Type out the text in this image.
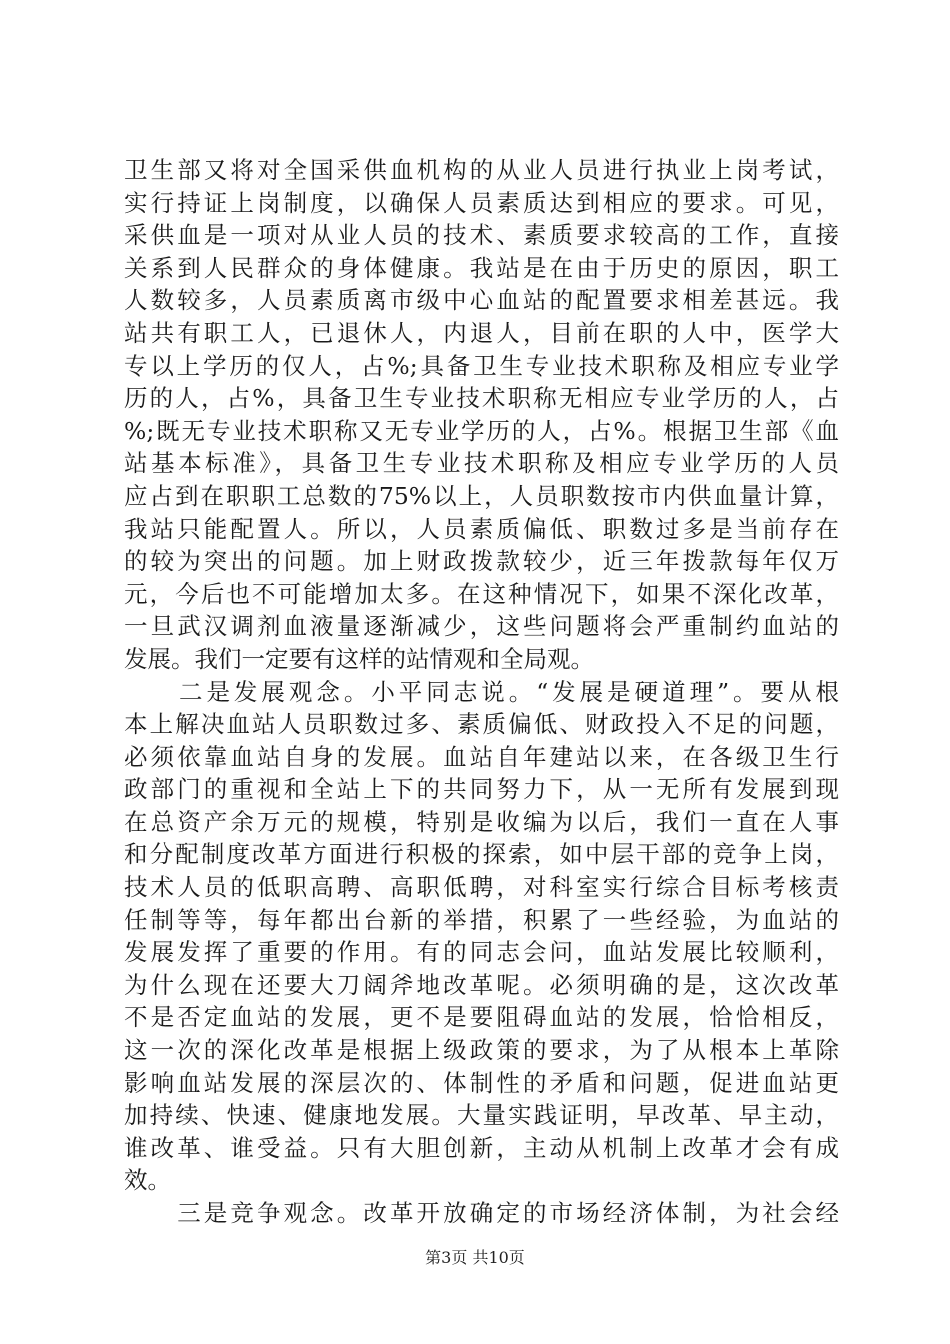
卫生部又将对全国采供血机构的从业人员进行执业上岗考试，
实行持证上岗制度，以确保人员素质达到相应的要求。可见，
采供血是一项对从业人员的技术、素质要求较高的工作，直接
关系到人民群众的身体健康。我站是在由于历史的原因，职工
人数较多，人员素质离市级中心血站的配置要求相差甚远。我
站共有职工人，已退休人，内退人，目前在职的人中，医学大
专以上学历的仅人，占%;具备卫生专业技术职称及相应专业学
历的人，占%，具备卫生专业技术职称无相应专业学历的人，占
%;既无专业技术职称又无专业学历的人，占%。根据卫生部《血
站基本标准》，具备卫生专业技术职称及相应专业学历的人员
应占到在职职工总数的75%以上，人员职数按市内供血量计算，
我站只能配置人。所以，人员素质偏低、职数过多是当前存在
的较为突出的问题。加上财政拨款较少，近三年拨款每年仅万
元，今后也不可能增加太多。在这种情况下，如果不深化改革，
一旦武汉调剂血液量逐渐减少，这些问题将会严重制约血站的
发展。我们一定要有这样的站情观和全局观。
　　二是发展观念。小平同志说。“发展是硬道理”。要从根
本上解决血站人员职数过多、素质偏低、财政投入不足的问题，
必须依靠血站自身的发展。血站自年建站以来，在各级卫生行
政部门的重视和全站上下的共同努力下，从一无所有发展到现
在总资产余万元的规模，特别是收编为以后，我们一直在人事
和分配制度改革方面进行积极的探索，如中层干部的竞争上岗，
技术人员的低职高聘、高职低聘，对科室实行综合目标考核责
任制等等，每年都出台新的举措，积累了一些经验，为血站的
发展发挥了重要的作用。有的同志会问，血站发展比较顺利，
为什么现在还要大刀阔斧地改革呢。必须明确的是，这次改革
不是否定血站的发展，更不是要阻碍血站的发展，恰恰相反，
这一次的深化改革是根据上级政策的要求，为了从根本上革除
影响血站发展的深层次的、体制性的矛盾和问题，促进血站更
加持续、快速、健康地发展。大量实践证明，早改革、早主动，
谁改革、谁受益。只有大胆创新，主动从机制上改革才会有成
效。
　　三是竞争观念。改革开放确定的市场经济体制，为社会经
第3页 共10页
